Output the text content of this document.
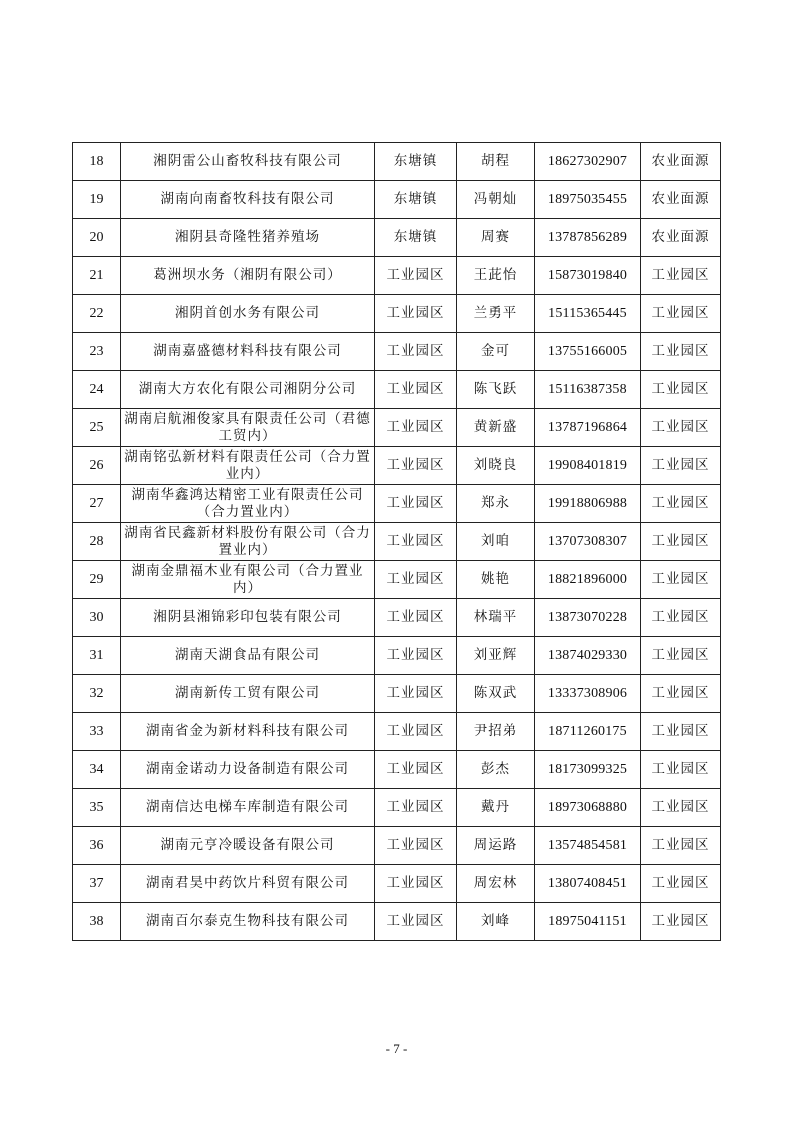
18	湘阴雷公山畜牧科技有限公司	东塘镇	胡程	18627302907	农业面源
19	湖南向南畜牧科技有限公司	东塘镇	冯朝灿	18975035455	农业面源
20	湘阴县奇隆牲猪养殖场	东塘镇	周赛	13787856289	农业面源
21	葛洲坝水务（湘阴有限公司）	工业园区	王茈怡	15873019840	工业园区
22	湘阴首创水务有限公司	工业园区	兰勇平	15115365445	工业园区
23	湖南嘉盛德材料科技有限公司	工业园区	金可	13755166005	工业园区
24	湖南大方农化有限公司湘阴分公司	工业园区	陈飞跃	15116387358	工业园区
25	湖南启航湘俊家具有限责任公司（君德工贸内）	工业园区	黄新盛	13787196864	工业园区
26	湖南铭弘新材料有限责任公司（合力置业内）	工业园区	刘晓良	19908401819	工业园区
27	湖南华鑫鸿达精密工业有限责任公司（合力置业内）	工业园区	郑永	19918806988	工业园区
28	湖南省民鑫新材料股份有限公司（合力置业内）	工业园区	刘咱	13707308307	工业园区
29	湖南金鼎福木业有限公司（合力置业内）	工业园区	姚艳	18821896000	工业园区
30	湘阴县湘锦彩印包装有限公司	工业园区	林瑞平	13873070228	工业园区
31	湖南天湖食品有限公司	工业园区	刘亚辉	13874029330	工业园区
32	湖南新传工贸有限公司	工业园区	陈双武	13337308906	工业园区
33	湖南省金为新材料科技有限公司	工业园区	尹招弟	18711260175	工业园区
34	湖南金诺动力设备制造有限公司	工业园区	彭杰	18173099325	工业园区
35	湖南信达电梯车库制造有限公司	工业园区	戴丹	18973068880	工业园区
36	湖南元亨冷暖设备有限公司	工业园区	周运路	13574854581	工业园区
37	湖南君昊中药饮片科贸有限公司	工业园区	周宏林	13807408451	工业园区
38	湖南百尔泰克生物科技有限公司	工业园区	刘峰	18975041151	工业园区
- 7 -
